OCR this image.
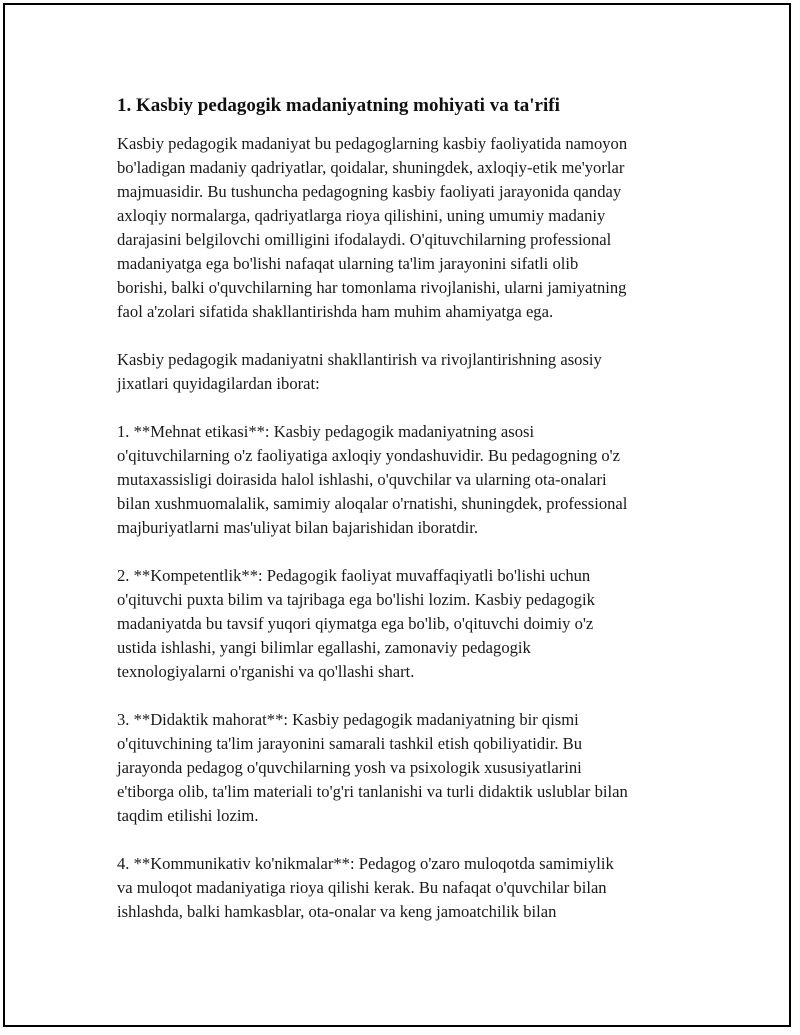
1. Kasbiy pedagogik madaniyatning mohiyati va ta'rifi
Kasbiy pedagogik madaniyat bu pedagoglarning kasbiy faoliyatida namoyon
bo'ladigan madaniy qadriyatlar, qoidalar, shuningdek, axloqiy-etik me'yorlar
majmuasidir. Bu tushuncha pedagogning kasbiy faoliyati jarayonida qanday
axloqiy normalarga, qadriyatlarga rioya qilishini, uning umumiy madaniy
darajasini belgilovchi omilligini ifodalaydi. O'qituvchilarning professional
madaniyatga ega bo'lishi nafaqat ularning ta'lim jarayonini sifatli olib
borishi, balki o'quvchilarning har tomonlama rivojlanishi, ularni jamiyatning
faol a'zolari sifatida shakllantirishda ham muhim ahamiyatga ega.
Kasbiy pedagogik madaniyatni shakllantirish va rivojlantirishning asosiy
jixatlari quyidagilardan iborat:
1. **Mehnat etikasi**: Kasbiy pedagogik madaniyatning asosi
o'qituvchilarning o'z faoliyatiga axloqiy yondashuvidir. Bu pedagogning o'z
mutaxassisligi doirasida halol ishlashi, o'quvchilar va ularning ota-onalari
bilan xushmuomalalik, samimiy aloqalar o'rnatishi, shuningdek, professional
majburiyatlarni mas'uliyat bilan bajarishidan iboratdir.
2. **Kompetentlik**: Pedagogik faoliyat muvaffaqiyatli bo'lishi uchun
o'qituvchi puxta bilim va tajribaga ega bo'lishi lozim. Kasbiy pedagogik
madaniyatda bu tavsif yuqori qiymatga ega bo'lib, o'qituvchi doimiy o'z
ustida ishlashi, yangi bilimlar egallashi, zamonaviy pedagogik
texnologiyalarni o'rganishi va qo'llashi shart.
3. **Didaktik mahorat**: Kasbiy pedagogik madaniyatning bir qismi
o'qituvchining ta'lim jarayonini samarali tashkil etish qobiliyatidir. Bu
jarayonda pedagog o'quvchilarning yosh va psixologik xususiyatlarini
e'tiborga olib, ta'lim materiali to'g'ri tanlanishi va turli didaktik uslublar bilan
taqdim etilishi lozim.
4. **Kommunikativ ko'nikmalar**: Pedagog o'zaro muloqotda samimiylik
va muloqot madaniyatiga rioya qilishi kerak. Bu nafaqat o'quvchilar bilan
ishlashda, balki hamkasblar, ota-onalar va keng jamoatchilik bilan
